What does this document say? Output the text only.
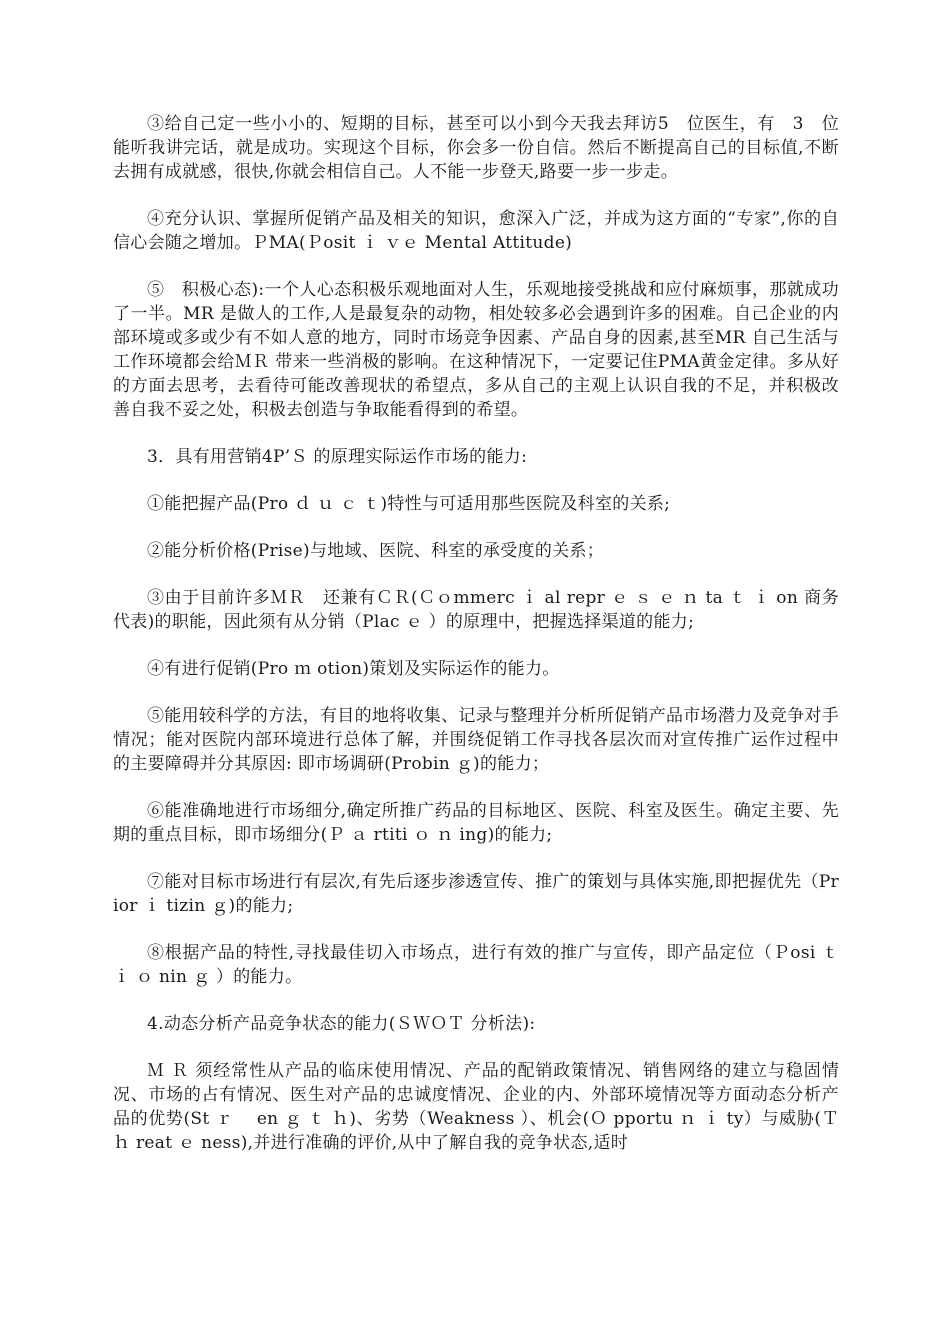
③给自己定一些小小的、短期的目标，甚至可以小到今天我去拜访5　位医生，有　3　位能听我讲完话，就是成功。实现这个目标，你会多一份自信。然后不断提高自己的目标值,不断去拥有成就感，很快,你就会相信自己。人不能一步登天,路要一步一步走。

④充分认识、掌握所促销产品及相关的知识，愈深入广泛，并成为这方面的“专家”,你的自信心会随之增加。ＰMA(Ｐosit ｉ ｖｅ Mental Attitude)

⑤　积极心态):一个人心态积极乐观地面对人生，乐观地接受挑战和应付麻烦事，那就成功了一半。MR 是做人的工作,人是最复杂的动物，相处较多必会遇到许多的困难。自己企业的内部环境或多或少有不如人意的地方，同时市场竞争因素、产品自身的因素,甚至MR 自己生活与工作环境都会给ＭＲ 带来一些消极的影响。在这种情况下，一定要记住PMA黄金定律。多从好的方面去思考，去看待可能改善现状的希望点，多从自己的主观上认识自我的不足，并积极改善自我不妥之处，积极去创造与争取能看得到的希望。

3．具有用营销4P’Ｓ 的原理实际运作市场的能力:

①能把握产品(Pro ｄ ｕ ｃ ｔ)特性与可适用那些医院及科室的关系;

②能分析价格(Prise)与地域、医院、科室的承受度的关系；

③由于目前许多ＭＲ　还兼有ＣＲ(Ｃｏmmerc ｉ al repr ｅ ｓ ｅ ｎ ta ｔ ｉ on 商务代表)的职能，因此须有从分销（Plac ｅ ）的原理中，把握选择渠道的能力;

④有进行促销(Pro ｍ otion)策划及实际运作的能力。

⑤能用较科学的方法，有目的地将收集、记录与整理并分析所促销产品市场潜力及竞争对手情况；能对医院内部环境进行总体了解，并围绕促销工作寻找各层次而对宣传推广运作过程中的主要障碍并分其原因: 即市场调研(Probin ｇ)的能力；

⑥能准确地进行市场细分,确定所推广药品的目标地区、医院、科室及医生。确定主要、先期的重点目标，即市场细分(Ｐ ａ rtiti ｏ ｎ ing)的能力;

⑦能对目标市场进行有层次,有先后逐步渗透宣传、推广的策划与具体实施,即把握优先（Prior ｉ tizin ｇ)的能力;

⑧根据产品的特性,寻找最佳切入市场点，进行有效的推广与宣传，即产品定位（Ｐosi ｔ ｉ ｏ nin ｇ ）的能力。

4.动态分析产品竞争状态的能力(ＳＷＯＴ 分析法):

Ｍ Ｒ 须经常性从产品的临床使用情况、产品的配销政策情况、销售网络的建立与稳固情况、市场的占有情况、医生对产品的忠诚度情况、企业的内、外部环境情况等方面动态分析产品的优势(St ｒ　 en ｇ ｔ ｈ)、劣势（Weakness ）、机会(Ｏ pportu ｎ ｉ ty）与威胁(Ｔ ｈ reat ｅ ness),并进行准确的评价,从中了解自我的竞争状态,适时
